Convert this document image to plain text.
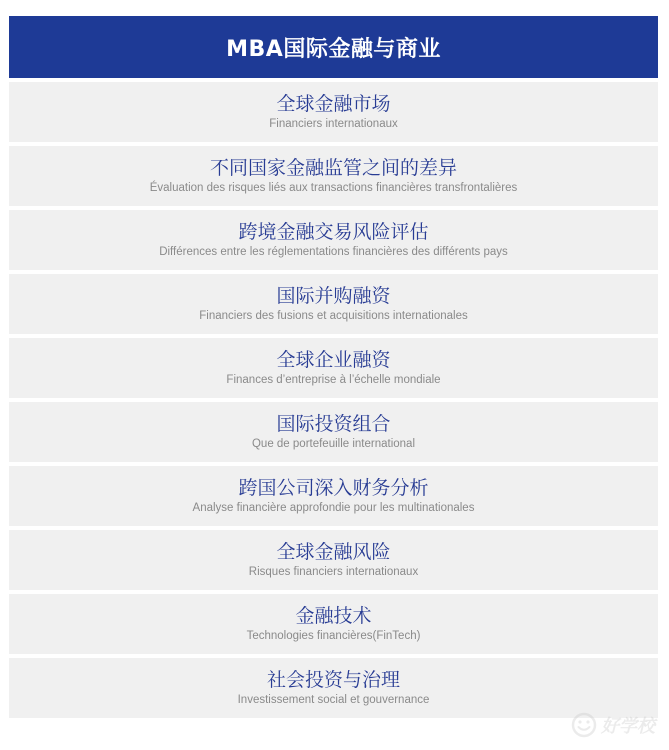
MBA国际金融与商业
全球金融市场
Financiers internationaux
不同国家金融监管之间的差异
Évaluation des risques liés aux transactions financières transfrontalières
跨境金融交易风险评估
Différences entre les réglementations financières des différents pays
国际并购融资
Financiers des fusions et acquisitions internationales
全球企业融资
Finances d’entreprise à l’échelle mondiale
国际投资组合
Que de portefeuille international
跨国公司深入财务分析
Analyse financière approfondie pour les multinationales
全球金融风险
Risques financiers internationaux
金融技术
Technologies financières(FinTech)
社会投资与治理
Investissement social et gouvernance
好学校
